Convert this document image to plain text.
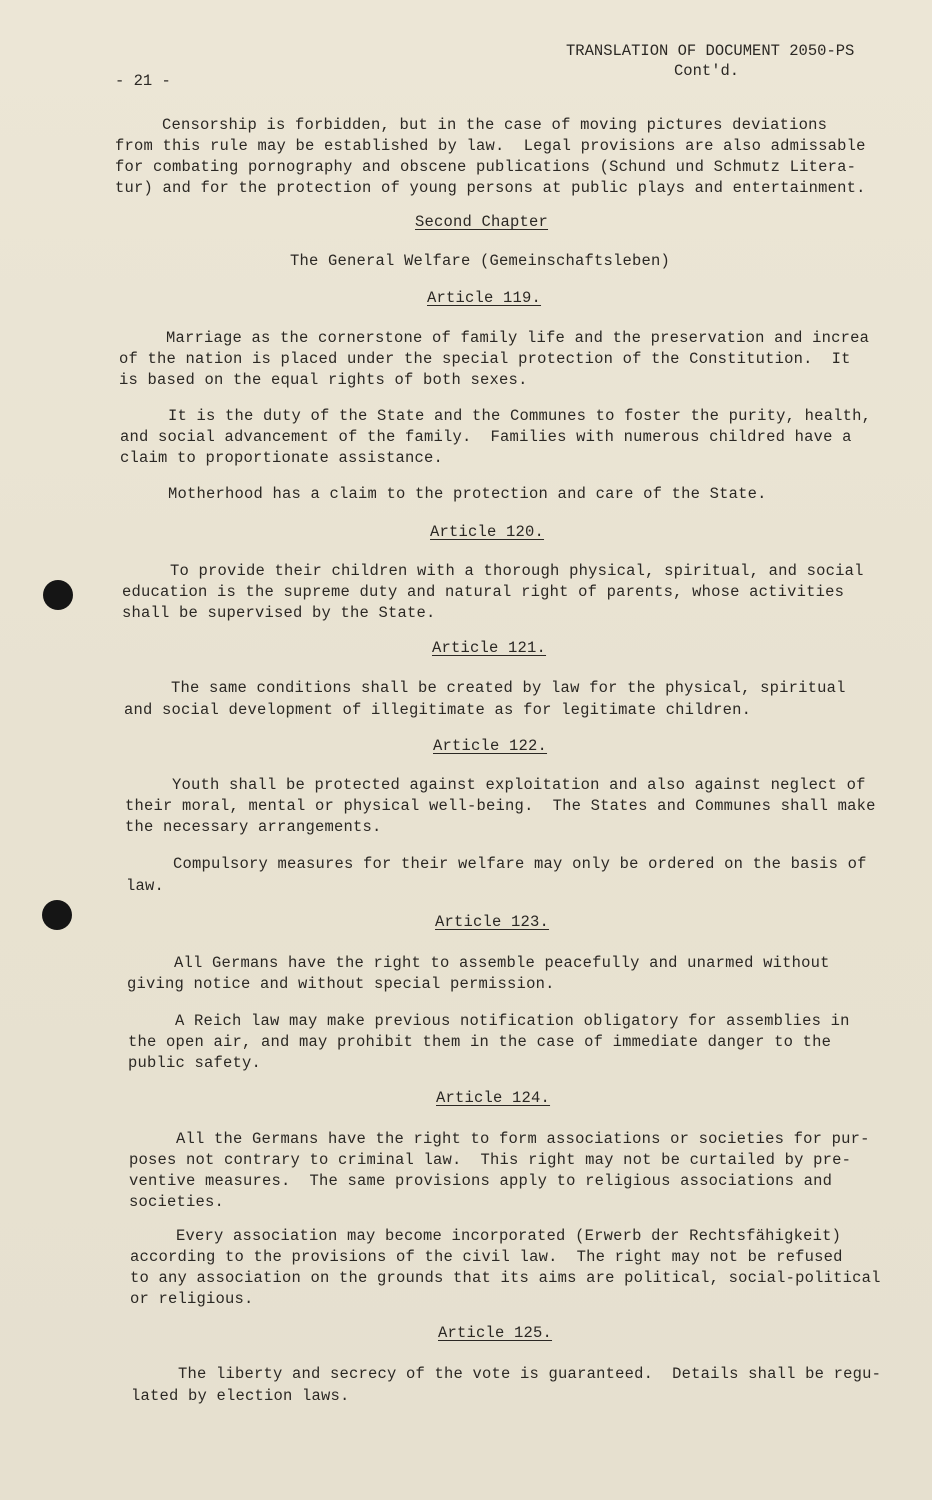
- 21 -
TRANSLATION OF DOCUMENT 2050-PS
Cont'd.
Censorship is forbidden, but in the case of moving pictures deviations
from this rule may be established by law.  Legal provisions are also admissable
for combating pornography and obscene publications (Schund und Schmutz Litera-
tur) and for the protection of young persons at public plays and entertainment.
Second Chapter
The General Welfare (Gemeinschaftsleben)
Article 119.
Marriage as the cornerstone of family life and the preservation and increa
of the nation is placed under the special protection of the Constitution.  It
is based on the equal rights of both sexes.
It is the duty of the State and the Communes to foster the purity, health,
and social advancement of the family.  Families with numerous childred have a
claim to proportionate assistance.
Motherhood has a claim to the protection and care of the State.
Article 120.
To provide their children with a thorough physical, spiritual, and social
education is the supreme duty and natural right of parents, whose activities
shall be supervised by the State.
Article 121.
The same conditions shall be created by law for the physical, spiritual
and social development of illegitimate as for legitimate children.
Article 122.
Youth shall be protected against exploitation and also against neglect of
their moral, mental or physical well-being.  The States and Communes shall make
the necessary arrangements.
Compulsory measures for their welfare may only be ordered on the basis of
law.
Article 123.
All Germans have the right to assemble peacefully and unarmed without
giving notice and without special permission.
A Reich law may make previous notification obligatory for assemblies in
the open air, and may prohibit them in the case of immediate danger to the
public safety.
Article 124.
All the Germans have the right to form associations or societies for pur-
poses not contrary to criminal law.  This right may not be curtailed by pre-
ventive measures.  The same provisions apply to religious associations and
societies.
Every association may become incorporated (Erwerb der Rechtsfähigkeit)
according to the provisions of the civil law.  The right may not be refused
to any association on the grounds that its aims are political, social-political
or religious.
Article 125.
The liberty and secrecy of the vote is guaranteed.  Details shall be regu-
lated by election laws.
